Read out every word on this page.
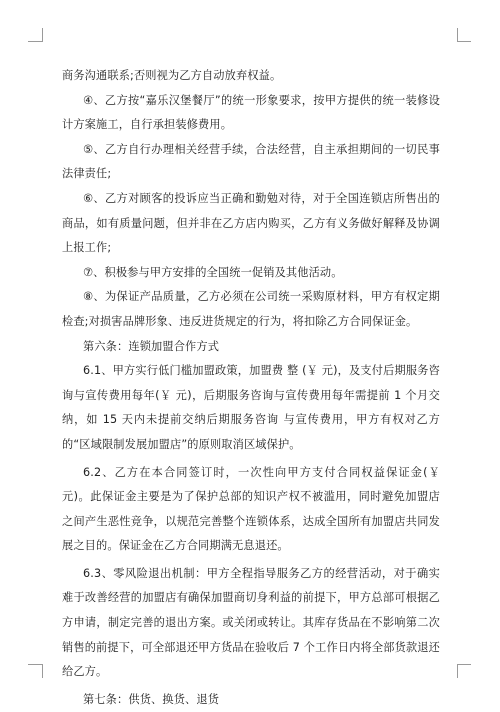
商务沟通联系;否则视为乙方自动放弃权益。

④、乙方按“嘉乐汉堡餐厅”的统一形象要求，按甲方提供的统一装修设计方案施工，自行承担装修费用。

⑤、乙方自行办理相关经营手续，合法经营，自主承担期间的一切民事法律责任;

⑥、乙方对顾客的投诉应当正确和勤勉对待，对于全国连锁店所售出的商品，如有质量问题，但并非在乙方店内购买，乙方有义务做好解释及协调上报工作;

⑦、积极参与甲方安排的全国统一促销及其他活动。

⑧、为保证产品质量，乙方必须在公司统一采购原材料，甲方有权定期检查;对损害品牌形象、违反进货规定的行为，将扣除乙方合同保证金。

第六条：连锁加盟合作方式

6.1、甲方实行低门槛加盟政策，加盟费 整 (￥ 元)，及支付后期服务咨询与宣传费用每年(￥ 元)，后期服务咨询与宣传费用每年需提前 1 个月交纳，如 15 天内未提前交纳后期服务咨询 与宣传费用，甲方有权对乙方的“区域限制发展加盟店”的原则取消区域保护。

6.2、乙方在本合同签订时，一次性向甲方支付合同权益保证金(￥ 元)。此保证金主要是为了保护总部的知识产权不被滥用，同时避免加盟店之间产生恶性竞争，以规范完善整个连锁体系，达成全国所有加盟店共同发展之目的。保证金在乙方合同期满无息退还。

6.3、零风险退出机制：甲方全程指导服务乙方的经营活动，对于确实难于改善经营的加盟店有确保加盟商切身利益的前提下，甲方总部可根据乙方申请，制定完善的退出方案。或关闭或转让。其库存货品在不影响第二次销售的前提下，可全部退还甲方货品在验收后 7 个工作日内将全部货款退还给乙方。

第七条：供货、换货、退货
